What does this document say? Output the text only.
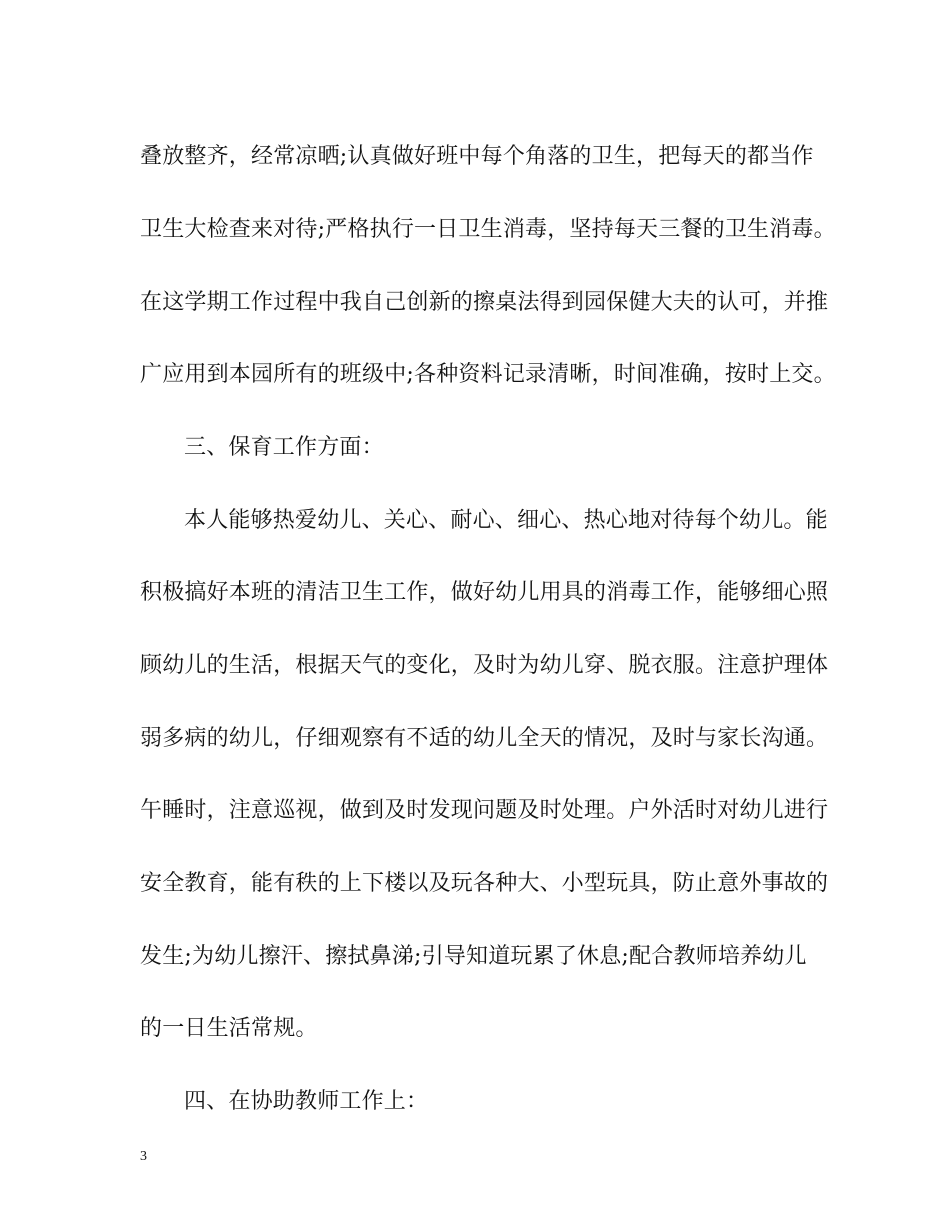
叠放整齐，经常凉晒;认真做好班中每个角落的卫生，把每天的都当作
卫生大检查来对待;严格执行一日卫生消毒，坚持每天三餐的卫生消毒。
在这学期工作过程中我自己创新的擦桌法得到园保健大夫的认可，并推
广应用到本园所有的班级中;各种资料记录清晰，时间准确，按时上交。
三、保育工作方面：
本人能够热爱幼儿、关心、耐心、细心、热心地对待每个幼儿。能
积极搞好本班的清洁卫生工作，做好幼儿用具的消毒工作，能够细心照
顾幼儿的生活，根据天气的变化，及时为幼儿穿、脱衣服。注意护理体
弱多病的幼儿，仔细观察有不适的幼儿全天的情况，及时与家长沟通。
午睡时，注意巡视，做到及时发现问题及时处理。户外活时对幼儿进行
安全教育，能有秩的上下楼以及玩各种大、小型玩具，防止意外事故的
发生;为幼儿擦汗、擦拭鼻涕;引导知道玩累了休息;配合教师培养幼儿
的一日生活常规。
四、在协助教师工作上：
3
